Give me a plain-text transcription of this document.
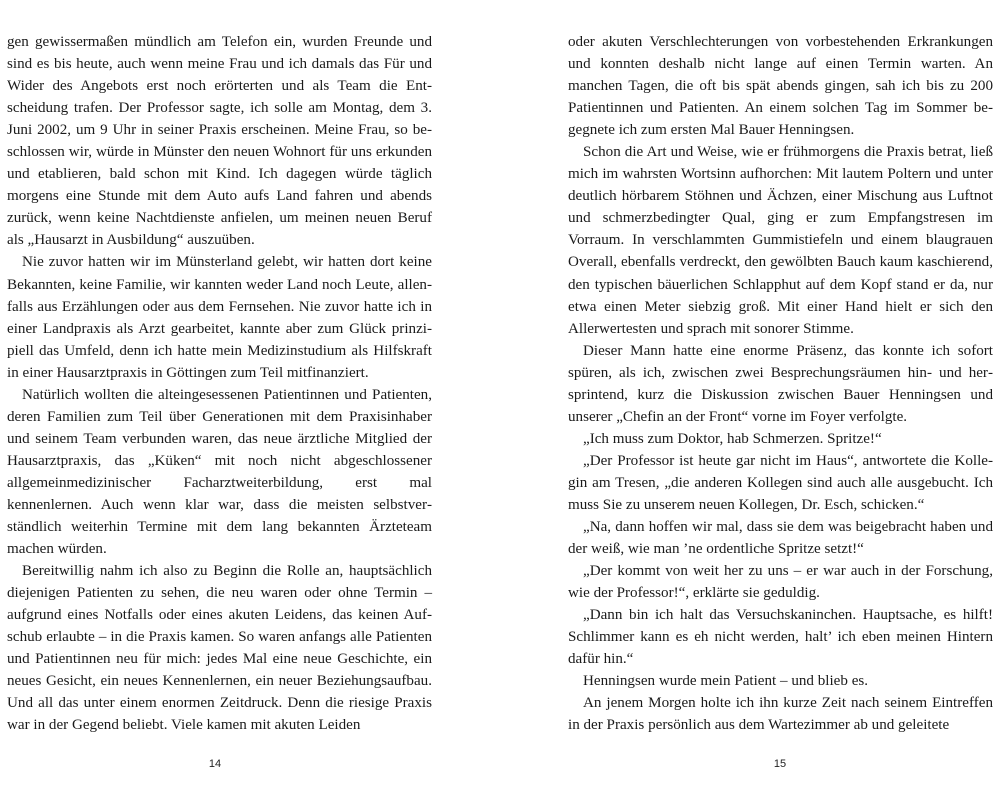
gen gewissermaßen mündlich am Telefon ein, wurden Freunde und sind es bis heute, auch wenn meine Frau und ich damals das Für und Wider des Angebots erst noch erörterten und als Team die Entscheidung trafen. Der Professor sagte, ich solle am Montag, dem 3. Juni 2002, um 9 Uhr in seiner Praxis erscheinen. Meine Frau, so beschlossen wir, würde in Münster den neuen Wohnort für uns erkunden und etablieren, bald schon mit Kind. Ich dagegen würde täglich morgens eine Stunde mit dem Auto aufs Land fahren und abends zurück, wenn keine Nachtdienste anfielen, um meinen neuen Beruf als „Hausarzt in Ausbildung“ auszuüben.

Nie zuvor hatten wir im Münsterland gelebt, wir hatten dort keine Bekannten, keine Familie, wir kannten weder Land noch Leute, allenfalls aus Erzählungen oder aus dem Fernsehen. Nie zuvor hatte ich in einer Landpraxis als Arzt gearbeitet, kannte aber zum Glück prinzipiell das Umfeld, denn ich hatte mein Medizinstudium als Hilfskraft in einer Hausarztpraxis in Göttingen zum Teil mitfinanziert.

Natürlich wollten die alteingesessenen Patientinnen und Patienten, deren Familien zum Teil über Generationen mit dem Praxisinhaber und seinem Team verbunden waren, das neue ärztliche Mitglied der Hausarztpraxis, das „Küken“ mit noch nicht abgeschlossener allgemeinmedizinischer Facharztweiterbildung, erst mal kennenlernen. Auch wenn klar war, dass die meisten selbstverständlich weiterhin Termine mit dem lang bekannten Ärzteteam machen würden.

Bereitwillig nahm ich also zu Beginn die Rolle an, hauptsächlich diejenigen Patienten zu sehen, die neu waren oder ohne Termin – aufgrund eines Notfalls oder eines akuten Leidens, das keinen Aufschub erlaubte – in die Praxis kamen. So waren anfangs alle Patienten und Patientinnen neu für mich: jedes Mal eine neue Geschichte, ein neues Gesicht, ein neues Kennenlernen, ein neuer Beziehungsaufbau. Und all das unter einem enormen Zeitdruck. Denn die riesige Praxis war in der Gegend beliebt. Viele kamen mit akuten Leiden

oder akuten Verschlechterungen von vorbestehenden Erkrankungen und konnten deshalb nicht lange auf einen Termin warten. An manchen Tagen, die oft bis spät abends gingen, sah ich bis zu 200 Patientinnen und Patienten. An einem solchen Tag im Sommer begegnete ich zum ersten Mal Bauer Henningsen.

Schon die Art und Weise, wie er frühmorgens die Praxis betrat, ließ mich im wahrsten Wortsinn aufhorchen: Mit lautem Poltern und unter deutlich hörbarem Stöhnen und Ächzen, einer Mischung aus Luftnot und schmerzbedingter Qual, ging er zum Empfangstresen im Vorraum. In verschlammten Gummistiefeln und einem blaugrauen Overall, ebenfalls verdreckt, den gewölbten Bauch kaum kaschierend, den typischen bäuerlichen Schlapphut auf dem Kopf stand er da, nur etwa einen Meter siebzig groß. Mit einer Hand hielt er sich den Allerwertesten und sprach mit sonorer Stimme.

Dieser Mann hatte eine enorme Präsenz, das konnte ich sofort spüren, als ich, zwischen zwei Besprechungsräumen hin- und hersprintend, kurz die Diskussion zwischen Bauer Henningsen und unserer „Chefin an der Front“ vorne im Foyer verfolgte.

„Ich muss zum Doktor, hab Schmerzen. Spritze!“

„Der Professor ist heute gar nicht im Haus“, antwortete die Kollegin am Tresen, „die anderen Kollegen sind auch alle ausgebucht. Ich muss Sie zu unserem neuen Kollegen, Dr. Esch, schicken.“

„Na, dann hoffen wir mal, dass sie dem was beigebracht haben und der weiß, wie man ’ne ordentliche Spritze setzt!“

„Der kommt von weit her zu uns – er war auch in der Forschung, wie der Professor!“, erklärte sie geduldig.

„Dann bin ich halt das Versuchskaninchen. Hauptsache, es hilft! Schlimmer kann es eh nicht werden, halt’ ich eben meinen Hintern dafür hin.“

Henningsen wurde mein Patient – und blieb es.

An jenem Morgen holte ich ihn kurze Zeit nach seinem Eintreffen in der Praxis persönlich aus dem Wartezimmer ab und geleitete

14	15
